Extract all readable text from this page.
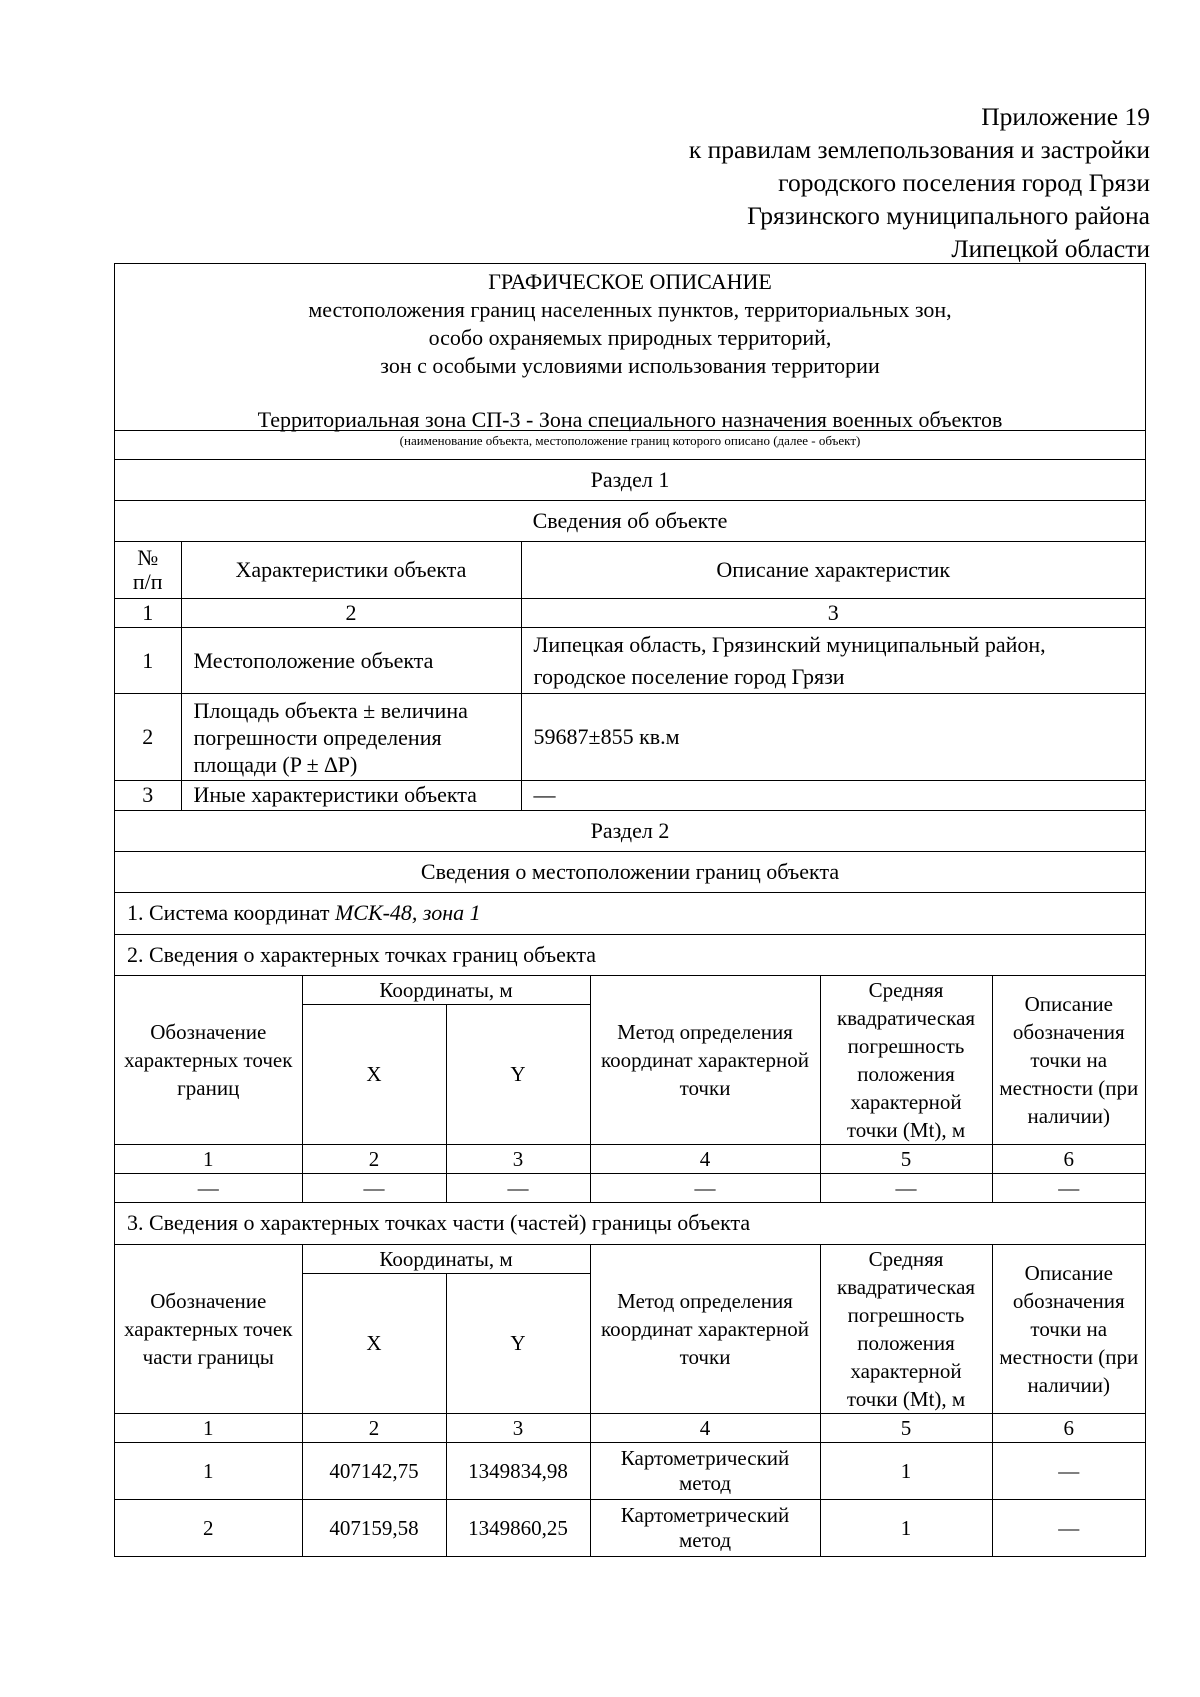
Приложение 19
к правилам землепользования и застройки
городского поселения город Грязи
Грязинского муниципального района
Липецкой области
ГРАФИЧЕСКОЕ ОПИСАНИЕ
местоположения границ населенных пунктов, территориальных зон,
особо охраняемых природных территорий,
зон с особыми условиями использования территории
Территориальная зона СП-3 - Зона специального назначения военных объектов
(наименование объекта, местоположение границ которого описано (далее - объект)
Раздел 1
Сведения об объекте
№
п/п	Характеристики объекта	Описание характеристик
1	2	3
1	Местоположение объекта	Липецкая область, Грязинский муниципальный район,
городское поселение город Грязи

2	Площадь объекта ± величина
погрешности определения
площади (P ± ∆P)	59687±855 кв.м
3	Иные характеристики объекта	—
Раздел 2
Сведения о местоположении границ объекта
1. Система координат МСК-48, зона 1
2. Сведения о характерных точках границ объекта
Обозначение характерных точек границ	Координаты, м		Метод определения координат характерной точки	Средняя квадратическая погрешность положения характерной точки (Mt), м	Описание обозначения точки на местности (при наличии)
	X	Y			
1	2	3	4	5	6
—	—	—	—	—	—
3. Сведения о характерных точках части (частей) границы объекта
Обозначение характерных точек части границы	Координаты, м		Метод определения координат характерной точки	Средняя квадратическая погрешность положения характерной точки (Mt), м	Описание обозначения точки на местности (при наличии)
	X	Y			
1	2	3	4	5	6
1	407142,75	1349834,98	Картометрический метод	1	—
2	407159,58	1349860,25	Картометрический метод	1	—
